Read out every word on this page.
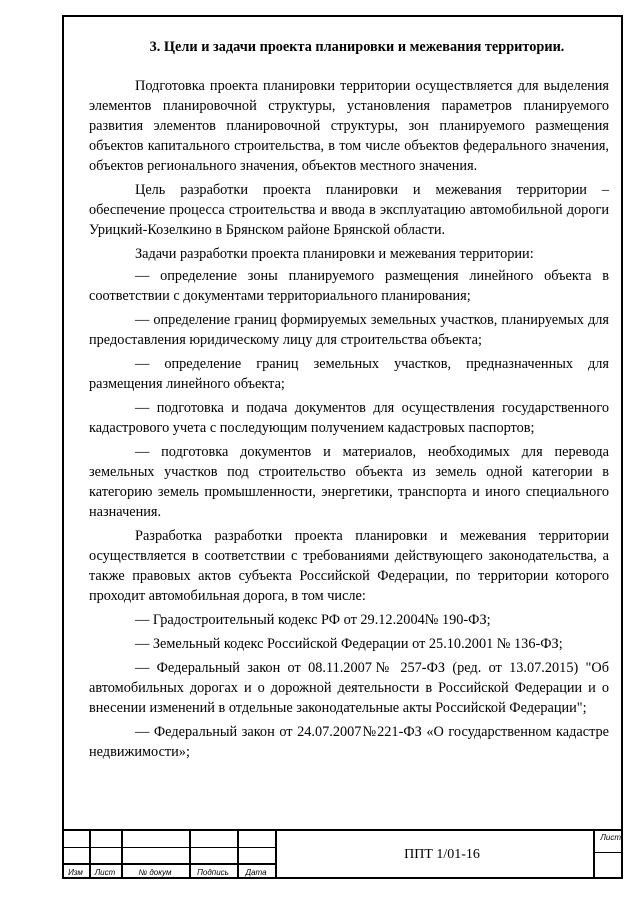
3. Цели и задачи проекта планировки и межевания территории.
Подготовка проекта планировки территории осуществляется для выделения элементов планировочной структуры, установления параметров планируемого развития элементов планировочной структуры, зон планируемого размещения объектов капитального строительства, в том числе объектов федерального значения, объектов регионального значения, объектов местного значения.
Цель разработки проекта планировки и межевания территории – обеспечение процесса строительства и ввода в эксплуатацию автомобильной дороги Урицкий-Козелкино в Брянском районе Брянской области.
Задачи разработки проекта планировки и межевания территории:
— определение зоны планируемого размещения линейного объекта в соответствии с документами территориального планирования;
— определение границ формируемых земельных участков, планируемых для предоставления юридическому лицу для строительства объекта;
— определение границ земельных участков, предназначенных для размещения линейного объекта;
— подготовка и подача документов для осуществления государственного кадастрового учета с последующим получением кадастровых паспортов;
— подготовка документов и материалов, необходимых для перевода земельных участков под строительство объекта из земель одной категории в категорию земель промышленности, энергетики, транспорта и иного специального назначения.
Разработка разработки проекта планировки и межевания территории осуществляется в соответствии с требованиями действующего законодательства, а также правовых актов субъекта Российской Федерации, по территории которого проходит автомобильная дорога, в том числе:
— Градостроительный кодекс РФ от 29.12.2004№ 190-ФЗ;
— Земельный кодекс Российской Федерации от 25.10.2001 № 136-ФЗ;
— Федеральный закон от 08.11.2007№ 257-ФЗ (ред. от 13.07.2015) "Об автомобильных дорогах и о дорожной деятельности в Российской Федерации и о внесении изменений в отдельные законодательные акты Российской Федерации";
— Федеральный закон от 24.07.2007№221-ФЗ «О государственном кадастре недвижимости»;
Изм	Лист	№ докум	Подпись	Дата
ППТ 1/01-16
Лист
